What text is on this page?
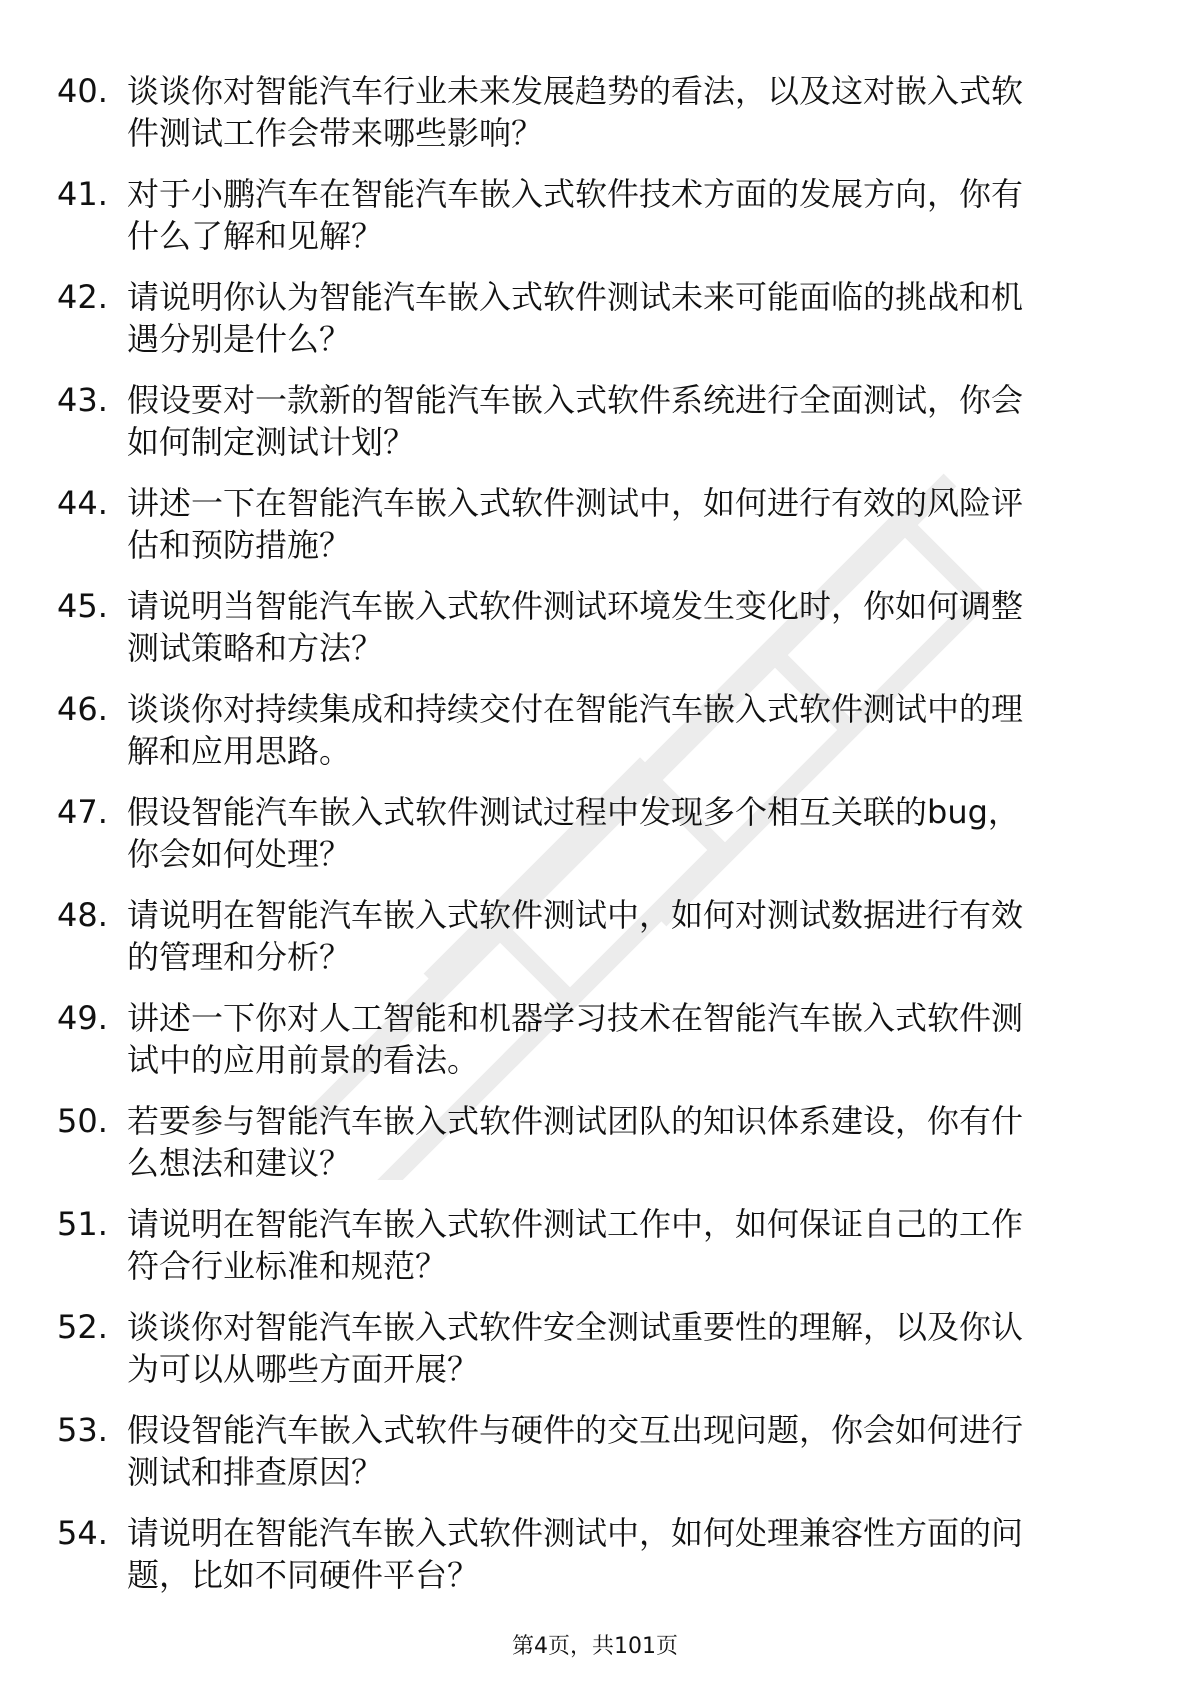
40. 谈谈你对智能汽车行业未来发展趋势的看法，以及这对嵌入式软
件测试工作会带来哪些影响？
41. 对于小鹏汽车在智能汽车嵌入式软件技术方面的发展方向，你有
什么了解和见解？
42. 请说明你认为智能汽车嵌入式软件测试未来可能面临的挑战和机
遇分别是什么？
43. 假设要对一款新的智能汽车嵌入式软件系统进行全面测试，你会
如何制定测试计划？
44. 讲述一下在智能汽车嵌入式软件测试中，如何进行有效的风险评
估和预防措施？
45. 请说明当智能汽车嵌入式软件测试环境发生变化时，你如何调整
测试策略和方法？
46. 谈谈你对持续集成和持续交付在智能汽车嵌入式软件测试中的理
解和应用思路。
47. 假设智能汽车嵌入式软件测试过程中发现多个相互关联的bug，
你会如何处理？
48. 请说明在智能汽车嵌入式软件测试中，如何对测试数据进行有效
的管理和分析？
49. 讲述一下你对人工智能和机器学习技术在智能汽车嵌入式软件测
试中的应用前景的看法。
50. 若要参与智能汽车嵌入式软件测试团队的知识体系建设，你有什
么想法和建议？
51. 请说明在智能汽车嵌入式软件测试工作中，如何保证自己的工作
符合行业标准和规范？
52. 谈谈你对智能汽车嵌入式软件安全测试重要性的理解，以及你认
为可以从哪些方面开展？
53. 假设智能汽车嵌入式软件与硬件的交互出现问题，你会如何进行
测试和排查原因？
54. 请说明在智能汽车嵌入式软件测试中，如何处理兼容性方面的问
题，比如不同硬件平台？
第4页，共101页
